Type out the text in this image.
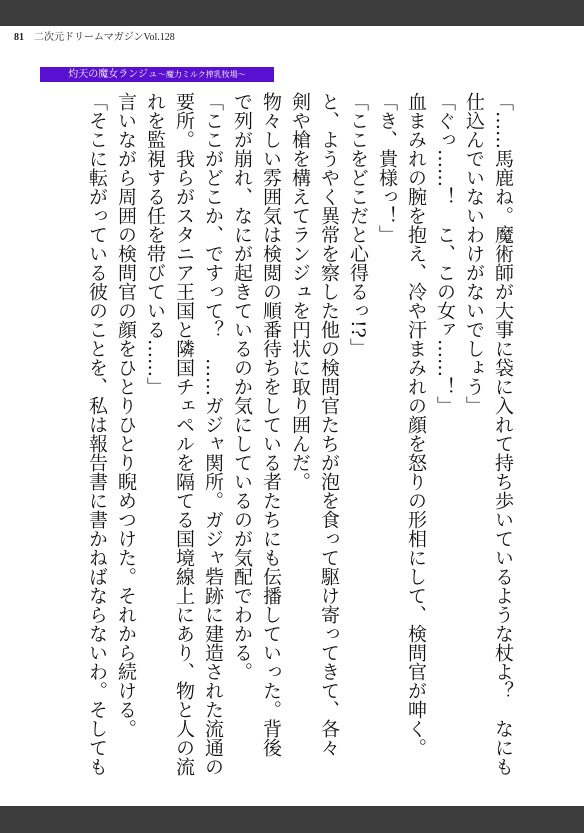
81 二次元ドリームマガジンVol.128
灼天の魔女ランジュ〜魔力ミルク搾乳牧場〜
「……馬鹿ね。魔術師が大事に袋に入れて持ち歩いているような杖よ？　なにも
仕込んでいないわけがないでしょう」
「ぐっ……！　こ、この女ァ……！」
血まみれの腕を抱え、冷や汗まみれの顔を怒りの形相にして、検問官が呻く。
「き、貴様っ！」
「ここをどこだと心得るっ!?」
と、ようやく異常を察した他の検問官たちが泡を食って駆け寄ってきて、各々
剣や槍を構えてランジュを円状に取り囲んだ。
物々しい雰囲気は検閲の順番待ちをしている者たちにも伝播していった。背後
で列が崩れ、なにが起きているのか気にしているのが気配でわかる。
「ここがどこか、ですって？　……ガジャ関所。ガジャ砦跡に建造された流通の
要所。我らがスタニア王国と隣国チェペルを隔てる国境線上にあり、物と人の流
れを監視する任を帯びている……」
言いながら周囲の検問官の顔をひとりひとり睨めつけた。それから続ける。
「そこに転がっている彼のことを、私は報告書に書かねばならないわ。そしても
